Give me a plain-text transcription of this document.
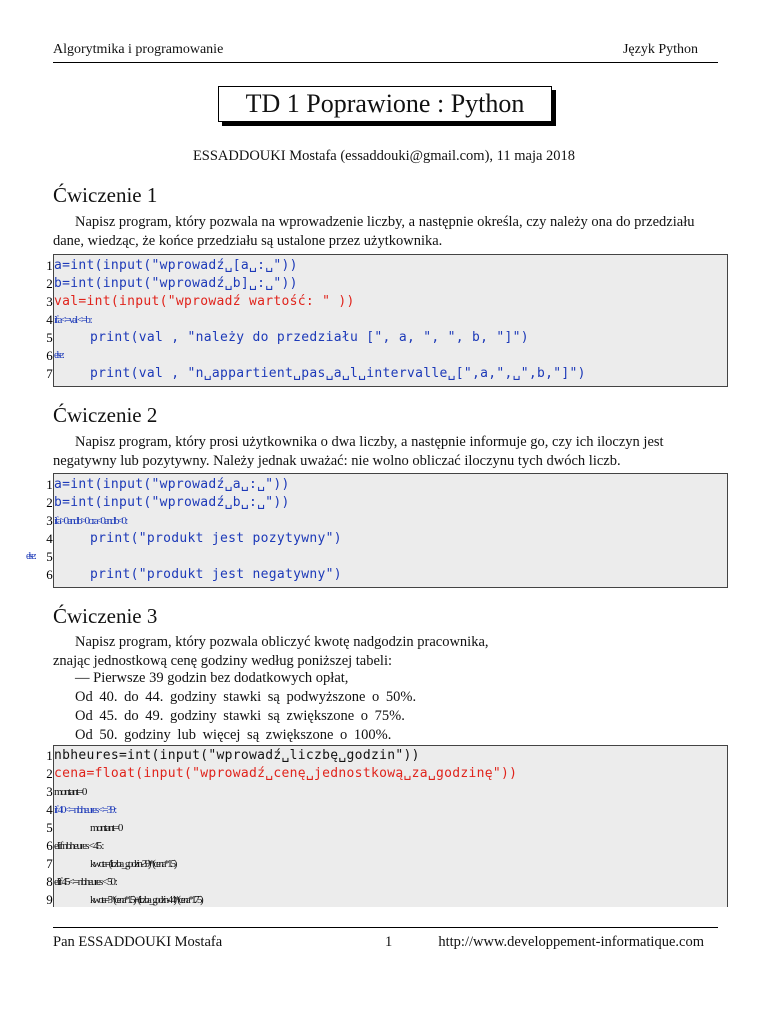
Algorytmika i programowanie	Język Python
TD 1 Poprawione : Python
ESSADDOUKI Mostafa (essaddouki@gmail.com), 11 maja 2018
Ćwiczenie 1
Napisz program, który pozwala na wprowadzenie liczby, a następnie określa, czy należy ona do przedziału
dane, wiedząc, że końce przedziału są ustalone przez użytkownika.
1 a=int(input("wprowadź␣[a␣:␣"))
2 b=int(input("wprowadź␣b]␣:␣"))
3 val=int(input("wprowadź wartość: " ))
4 if a<=val <=b :
5	print(val , "należy do przedziału [", a, ", ", b, "]")
6 else :
7	print(val , "n␣appartient␣pas␣a␣l␣intervalle␣[",a,",␣",b,"]")
Ćwiczenie 2
Napisz program, który prosi użytkownika o dwa liczby, a następnie informuje go, czy ich iloczyn jest
negatywny lub pozytywny. Należy jednak uważać: nie wolno obliczać iloczynu tych dwóch liczb.
1 a=int(input("wprowadź␣a␣:␣"))
2 b=int(input("wprowadź␣b␣:␣"))
3 if a>0 and b>0 or a<0 and b<0 :
4	print("produkt jest pozytywny")
5
else :
6	print("produkt jest negatywny")
Ćwiczenie 3
Napisz program, który pozwala obliczyć kwotę nadgodzin pracownika,
znając jednostkową cenę godziny według poniższej tabeli:
— Pierwsze 39 godzin bez dodatkowych opłat,
Od 40. do 44. godziny stawki są podwyższone o 50%.
Od 45. do 49. godziny stawki są zwiększone o 75%.
Od 50. godziny lub więcej są zwiększone o 100%.
1 nbheures=int(input("wprowadź␣liczbę␣godzin"))
2 cena=float(input("wprowadź␣cenę␣jednostkową␣za␣godzinę"))
3 montant=0
4 if 40<= nbheures <=39 :
5	montant=0
6 elif nbheures <45 :
7	kwota=(liczba_godzin-39)*(cena*1.5)
8 elif 45<= nbheures < 50 :
9	kwota=5*(cena*1.5)+(liczba_godzin-44)*(cena*1.75)
Pan ESSADDOUKI Mostafa	1	http://www.developpement-informatique.com
